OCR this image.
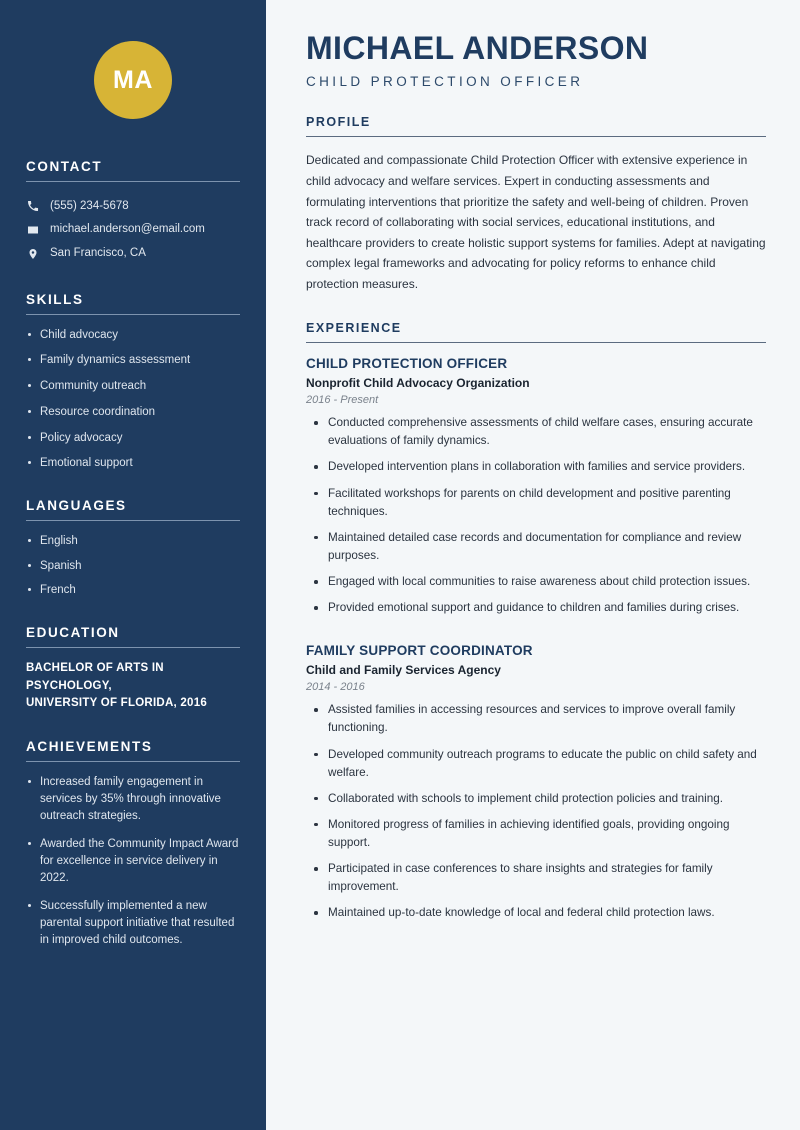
MA
CONTACT
(555) 234-5678
michael.anderson@email.com
San Francisco, CA
SKILLS
Child advocacy
Family dynamics assessment
Community outreach
Resource coordination
Policy advocacy
Emotional support
LANGUAGES
English
Spanish
French
EDUCATION
BACHELOR OF ARTS IN PSYCHOLOGY,
UNIVERSITY OF FLORIDA, 2016
ACHIEVEMENTS
Increased family engagement in services by 35% through innovative outreach strategies.
Awarded the Community Impact Award for excellence in service delivery in 2022.
Successfully implemented a new parental support initiative that resulted in improved child outcomes.
MICHAEL ANDERSON
CHILD PROTECTION OFFICER
PROFILE

Dedicated and compassionate Child Protection Officer with extensive experience in child advocacy and welfare services. Expert in conducting assessments and formulating interventions that prioritize the safety and well-being of children. Proven track record of collaborating with social services, educational institutions, and healthcare providers to create holistic support systems for families. Adept at navigating complex legal frameworks and advocating for policy reforms to enhance child protection measures.

EXPERIENCE
CHILD PROTECTION OFFICER
Nonprofit Child Advocacy Organization
2016 - Present
Conducted comprehensive assessments of child welfare cases, ensuring accurate evaluations of family dynamics.
Developed intervention plans in collaboration with families and service providers.
Facilitated workshops for parents on child development and positive parenting techniques.
Maintained detailed case records and documentation for compliance and review purposes.
Engaged with local communities to raise awareness about child protection issues.
Provided emotional support and guidance to children and families during crises.
FAMILY SUPPORT COORDINATOR
Child and Family Services Agency
2014 - 2016
Assisted families in accessing resources and services to improve overall family functioning.
Developed community outreach programs to educate the public on child safety and welfare.
Collaborated with schools to implement child protection policies and training.
Monitored progress of families in achieving identified goals, providing ongoing support.
Participated in case conferences to share insights and strategies for family improvement.
Maintained up-to-date knowledge of local and federal child protection laws.
